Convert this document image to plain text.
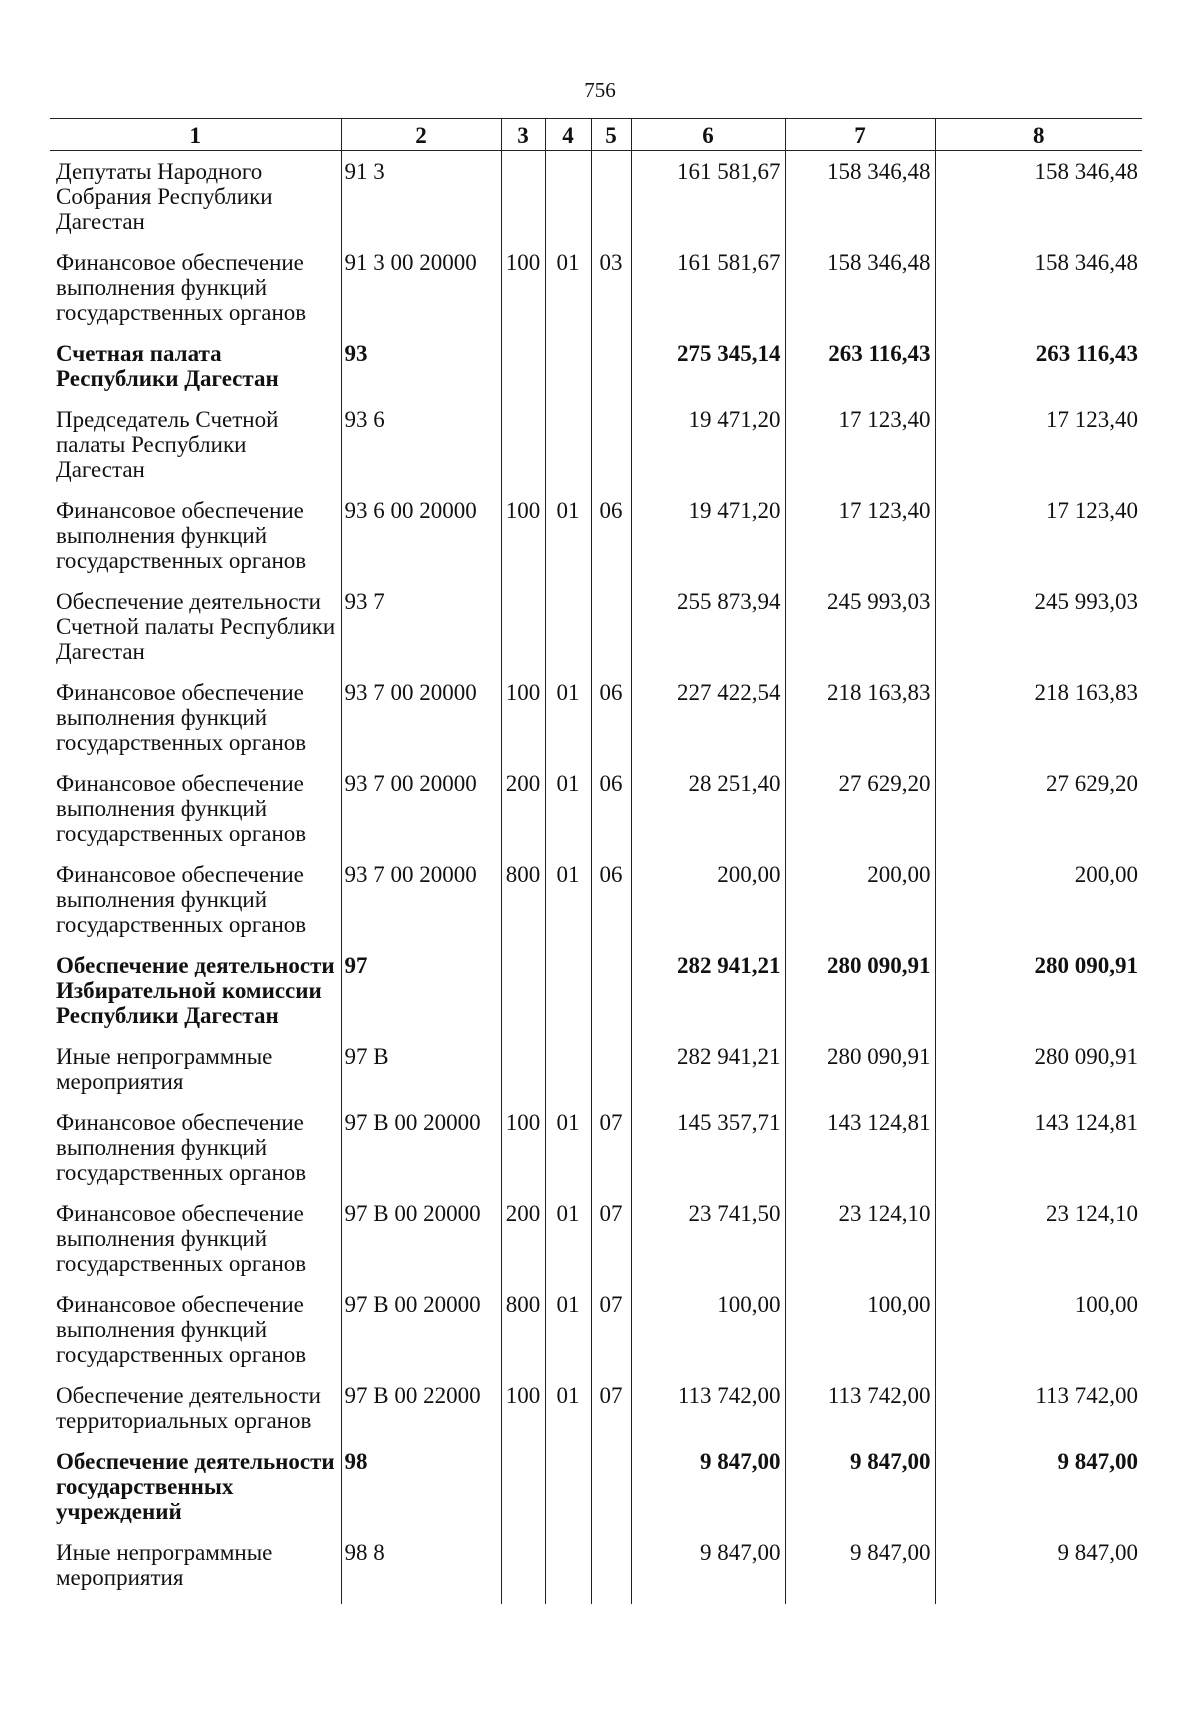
756
1	2	3	4	5	6	7	8
Депутаты Народного Собрания Республики Дагестан	91 3				161 581,67	158 346,48	158 346,48
Финансовое обеспечение выполнения функций государственных органов	91 3 00 20000	100	01	03	161 581,67	158 346,48	158 346,48
Счетная палата Республики Дагестан	93				275 345,14	263 116,43	263 116,43
Председатель Счетной палаты Республики Дагестан	93 6				19 471,20	17 123,40	17 123,40
Финансовое обеспечение выполнения функций государственных органов	93 6 00 20000	100	01	06	19 471,20	17 123,40	17 123,40
Обеспечение деятельности Счетной палаты Республики Дагестан	93 7				255 873,94	245 993,03	245 993,03
Финансовое обеспечение выполнения функций государственных органов	93 7 00 20000	100	01	06	227 422,54	218 163,83	218 163,83
Финансовое обеспечение выполнения функций государственных органов	93 7 00 20000	200	01	06	28 251,40	27 629,20	27 629,20
Финансовое обеспечение выполнения функций государственных органов	93 7 00 20000	800	01	06	200,00	200,00	200,00
Обеспечение деятельности Избирательной комиссии Республики Дагестан	97				282 941,21	280 090,91	280 090,91
Иные непрограммные мероприятия	97 В				282 941,21	280 090,91	280 090,91
Финансовое обеспечение выполнения функций государственных органов	97 В 00 20000	100	01	07	145 357,71	143 124,81	143 124,81
Финансовое обеспечение выполнения функций государственных органов	97 В 00 20000	200	01	07	23 741,50	23 124,10	23 124,10
Финансовое обеспечение выполнения функций государственных органов	97 В 00 20000	800	01	07	100,00	100,00	100,00
Обеспечение деятельности территориальных органов	97 В 00 22000	100	01	07	113 742,00	113 742,00	113 742,00
Обеспечение деятельности государственных учреждений	98				9 847,00	9 847,00	9 847,00
Иные непрограммные мероприятия	98 8				9 847,00	9 847,00	9 847,00
